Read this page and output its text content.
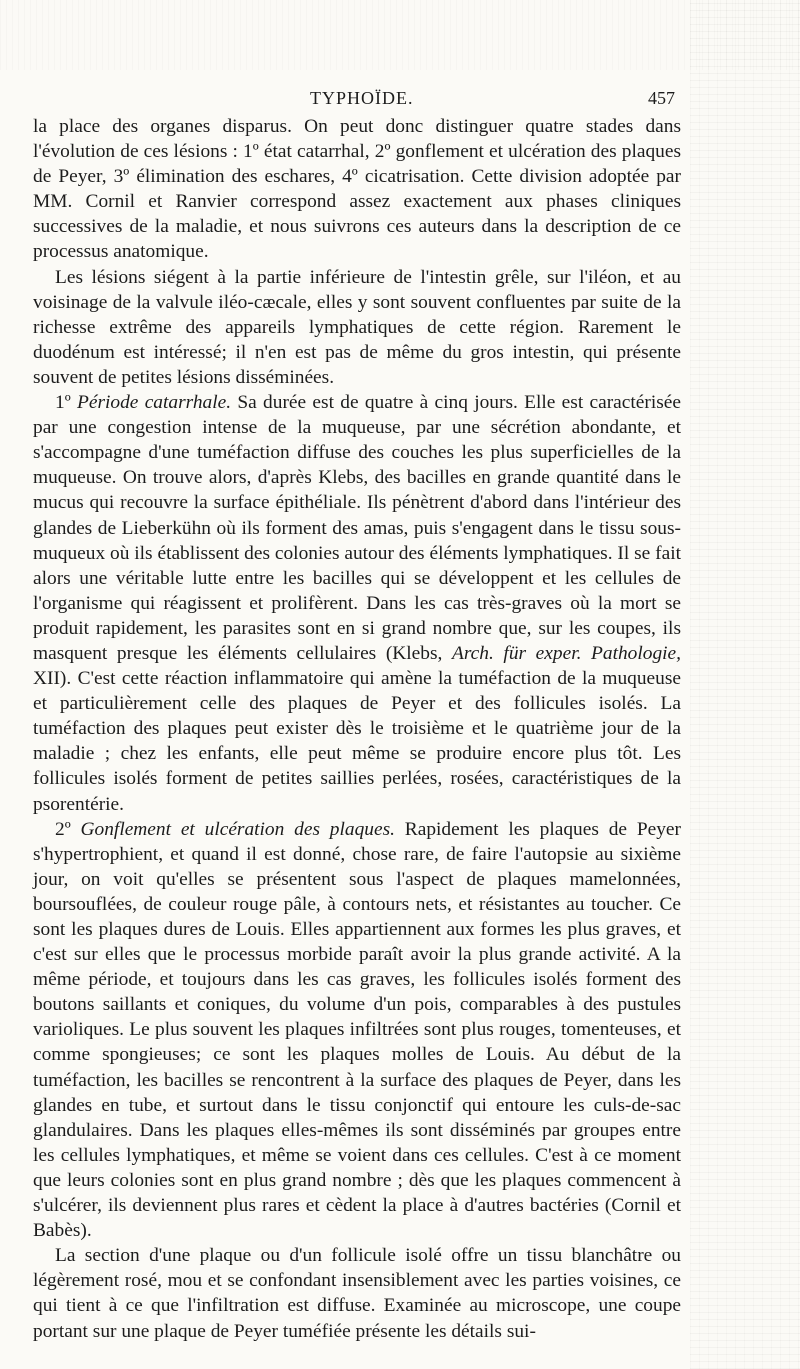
TYPHOÏDE.	457

la place des organes disparus. On peut donc distinguer quatre stades dans l'évolution de ces lésions : 1º état catarrhal, 2º gonflement et ulcération des plaques de Peyer, 3º élimination des eschares, 4º cicatrisation. Cette division adoptée par MM. Cornil et Ranvier correspond assez exactement aux phases cliniques successives de la maladie, et nous suivrons ces auteurs dans la description de ce processus anatomique.

Les lésions siégent à la partie inférieure de l'intestin grêle, sur l'iléon, et au voisinage de la valvule iléo-cæcale, elles y sont souvent confluentes par suite de la richesse extrême des appareils lymphatiques de cette région. Rarement le duodénum est intéressé; il n'en est pas de même du gros intestin, qui présente souvent de petites lésions disséminées.

1º Période catarrhale. Sa durée est de quatre à cinq jours. Elle est caractérisée par une congestion intense de la muqueuse, par une sécrétion abondante, et s'accompagne d'une tuméfaction diffuse des couches les plus superficielles de la muqueuse. On trouve alors, d'après Klebs, des bacilles en grande quantité dans le mucus qui recouvre la surface épithéliale. Ils pénètrent d'abord dans l'intérieur des glandes de Lieberkühn où ils forment des amas, puis s'engagent dans le tissu sous-muqueux où ils établissent des colonies autour des éléments lymphatiques. Il se fait alors une véritable lutte entre les bacilles qui se développent et les cellules de l'organisme qui réagissent et prolifèrent. Dans les cas très-graves où la mort se produit rapidement, les parasites sont en si grand nombre que, sur les coupes, ils masquent presque les éléments cellulaires (Klebs, Arch. für exper. Pathologie, XII). C'est cette réaction inflammatoire qui amène la tuméfaction de la muqueuse et particulièrement celle des plaques de Peyer et des follicules isolés. La tuméfaction des plaques peut exister dès le troisième et le quatrième jour de la maladie ; chez les enfants, elle peut même se produire encore plus tôt. Les follicules isolés forment de petites saillies perlées, rosées, caractéristiques de la psorentérie.

2º Gonflement et ulcération des plaques. Rapidement les plaques de Peyer s'hypertrophient, et quand il est donné, chose rare, de faire l'autopsie au sixième jour, on voit qu'elles se présentent sous l'aspect de plaques mamelonnées, boursouflées, de couleur rouge pâle, à contours nets, et résistantes au toucher. Ce sont les plaques dures de Louis. Elles appartiennent aux formes les plus graves, et c'est sur elles que le processus morbide paraît avoir la plus grande activité. A la même période, et toujours dans les cas graves, les follicules isolés forment des boutons saillants et coniques, du volume d'un pois, comparables à des pustules varioliques. Le plus souvent les plaques infiltrées sont plus rouges, tomenteuses, et comme spongieuses; ce sont les plaques molles de Louis. Au début de la tuméfaction, les bacilles se rencontrent à la surface des plaques de Peyer, dans les glandes en tube, et surtout dans le tissu conjonctif qui entoure les culs-de-sac glandulaires. Dans les plaques elles-mêmes ils sont disséminés par groupes entre les cellules lymphatiques, et même se voient dans ces cellules. C'est à ce moment que leurs colonies sont en plus grand nombre ; dès que les plaques commencent à s'ulcérer, ils deviennent plus rares et cèdent la place à d'autres bactéries (Cornil et Babès).

La section d'une plaque ou d'un follicule isolé offre un tissu blanchâtre ou légèrement rosé, mou et se confondant insensiblement avec les parties voisines, ce qui tient à ce que l'infiltration est diffuse. Examinée au microscope, une coupe portant sur une plaque de Peyer tuméfiée présente les détails sui-
